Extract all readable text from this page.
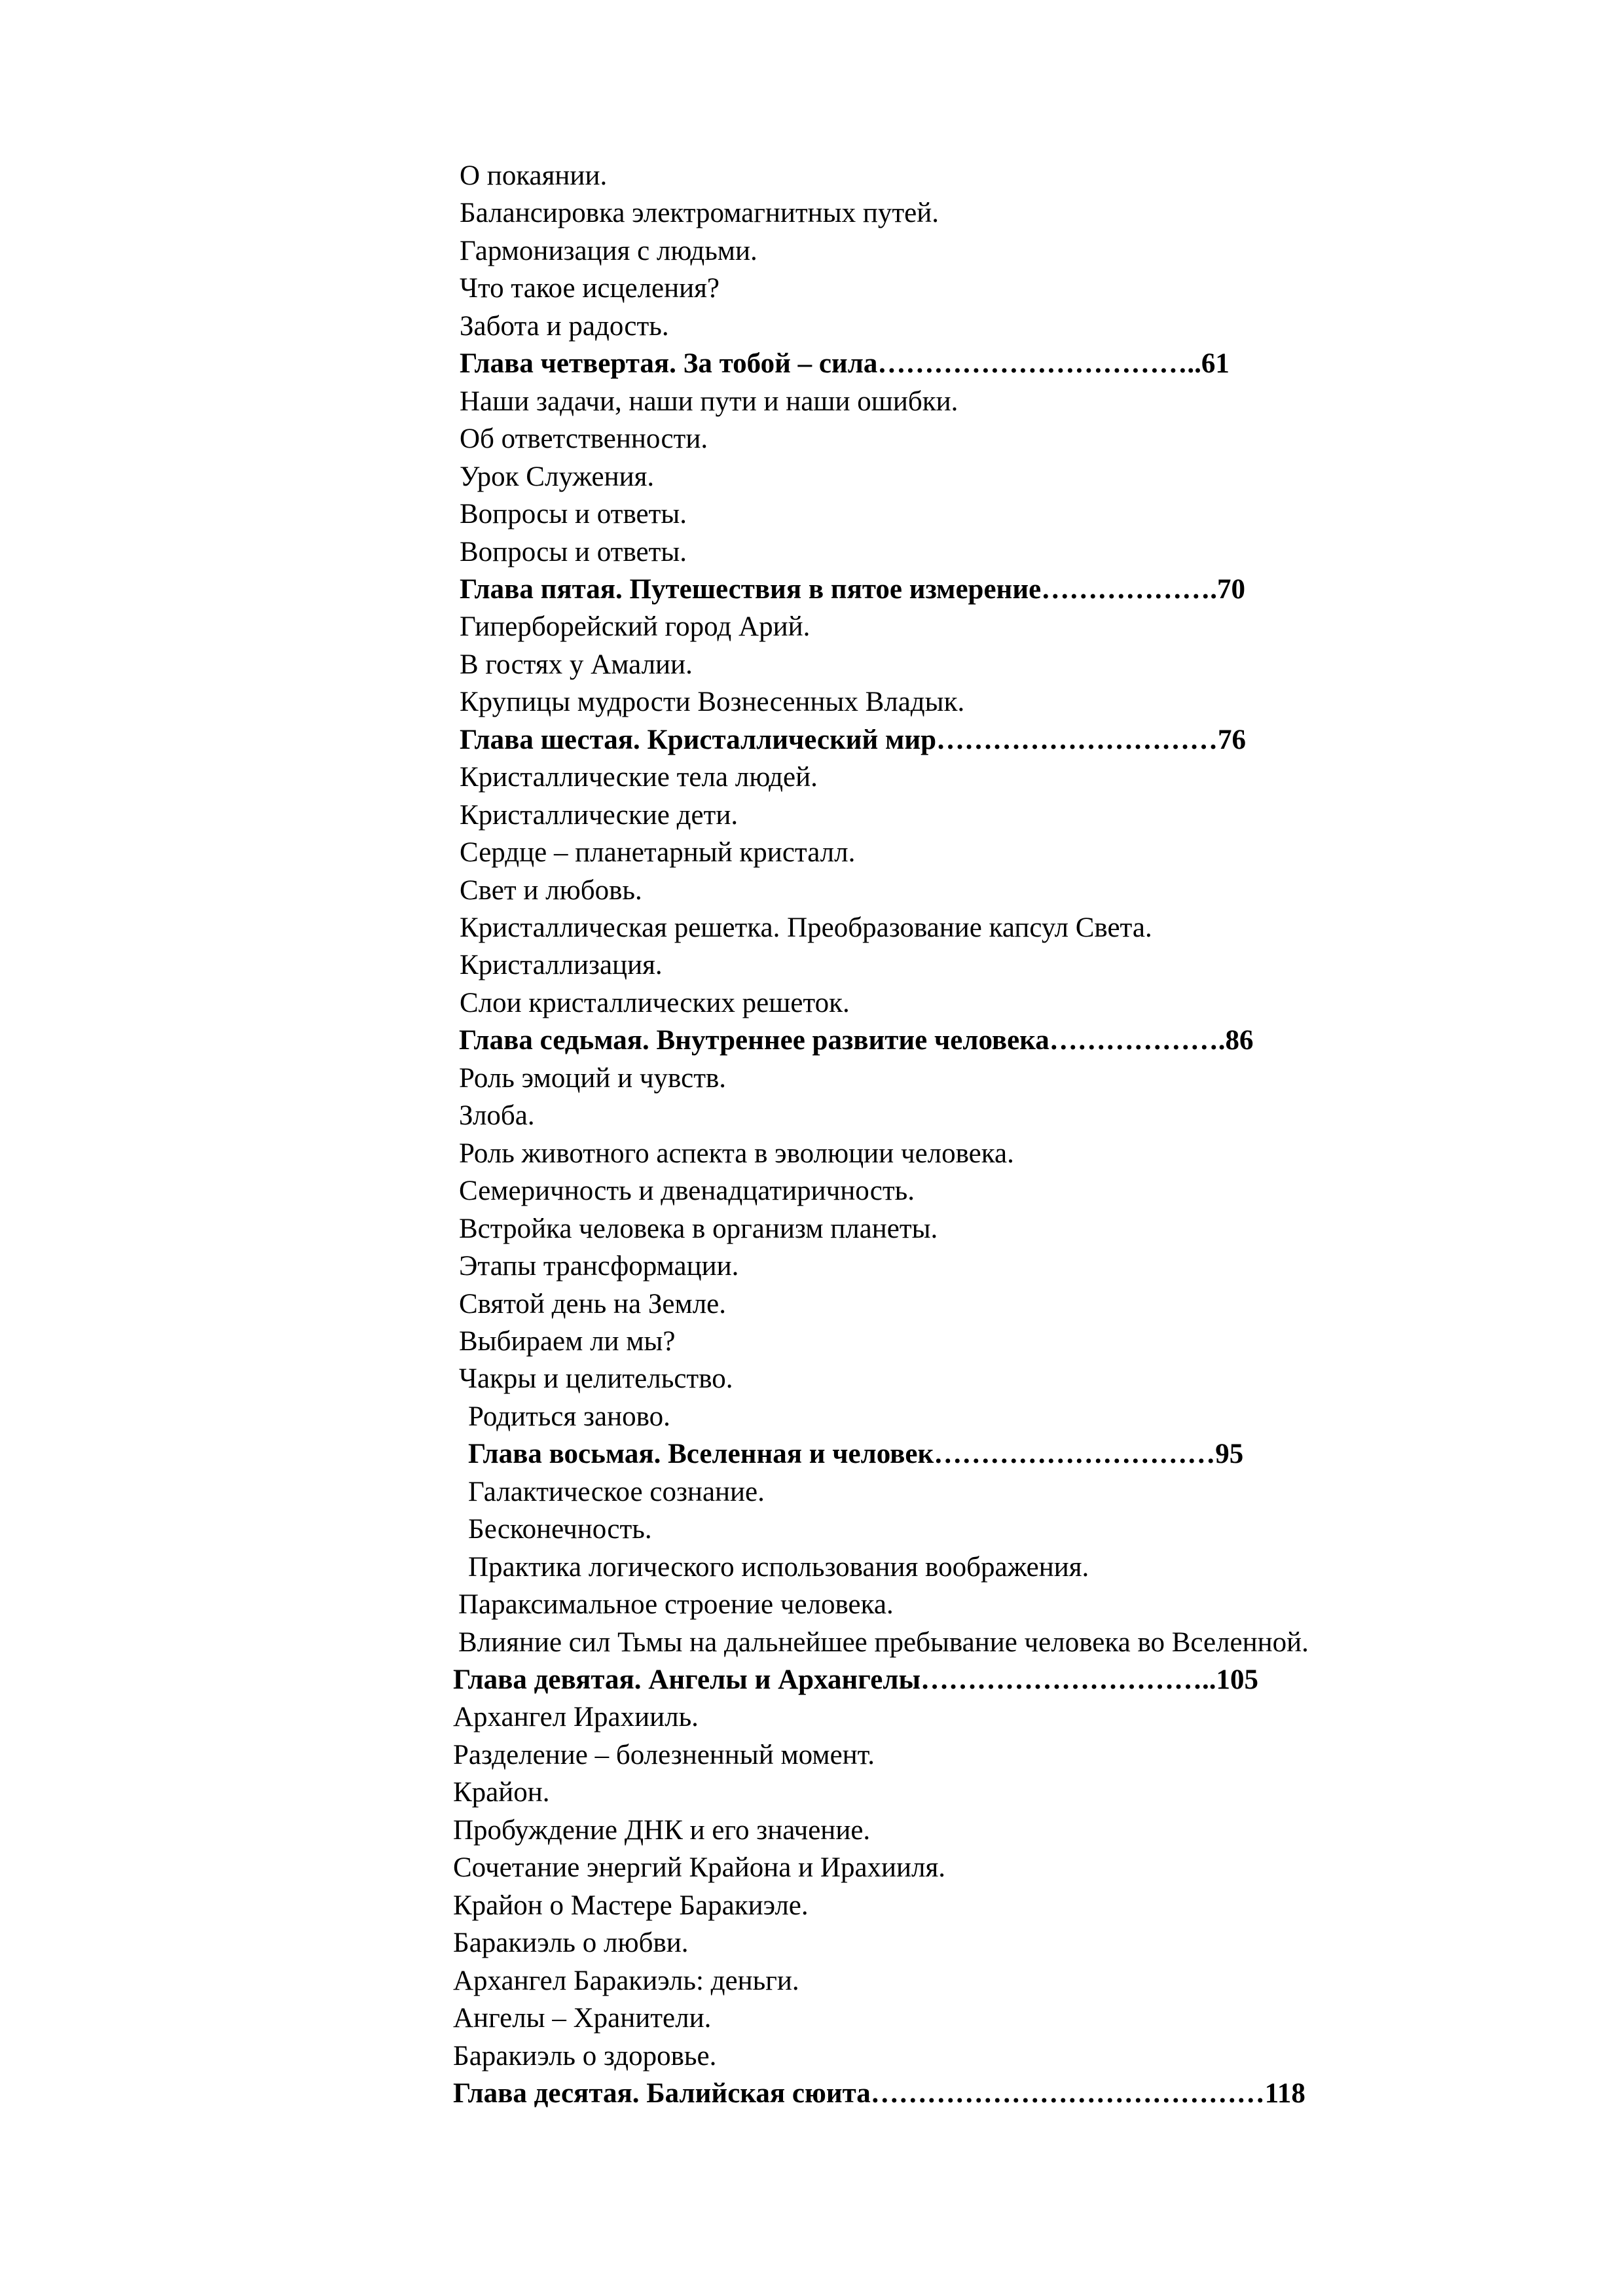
О покаянии.
Балансировка электромагнитных путей.
Гармонизация с людьми.
Что такое исцеления?
Забота и радость.
Глава четвертая. За тобой – сила……………………………..61
Наши задачи, наши пути и наши ошибки.
Об ответственности.
Урок Служения.
Вопросы и ответы.
Вопросы и ответы.
Глава пятая. Путешествия в пятое измерение……………….70
Гиперборейский город Арий.
В гостях у Амалии.
Крупицы мудрости Вознесенных Владык.
Глава шестая. Кристаллический мир…………………………76
Кристаллические тела людей.
Кристаллические дети.
Сердце – планетарный кристалл.
Свет и любовь.
Кристаллическая решетка. Преобразование капсул Света.
Кристаллизация.
Слои кристаллических решеток.
Глава седьмая. Внутреннее развитие человека……………….86
Роль эмоций и чувств.
Злоба.
Роль животного аспекта в эволюции человека.
Семеричность и двенадцатиричность.
Встройка человека в организм планеты.
Этапы трансформации.
Святой день на Земле.
Выбираем ли мы?
Чакры и целительство.
Родиться заново.
Глава восьмая. Вселенная и человек…………………………95
Галактическое сознание.
Бесконечность.
Практика логического использования воображения.
Параксимальное строение человека.
Влияние сил Тьмы на дальнейшее пребывание человека во Вселенной.
Глава девятая. Ангелы и Архангелы…………………………..105
Архангел Ирахииль.
Разделение – болезненный момент.
Крайон.
Пробуждение ДНК и его значение.
Сочетание энергий Крайона и Ирахииля.
Крайон о Мастере Баракиэле.
Баракиэль о любви.
Архангел Баракиэль: деньги.
Ангелы – Хранители.
Баракиэль о здоровье.
Глава десятая. Балийская сюита……………………………………118
